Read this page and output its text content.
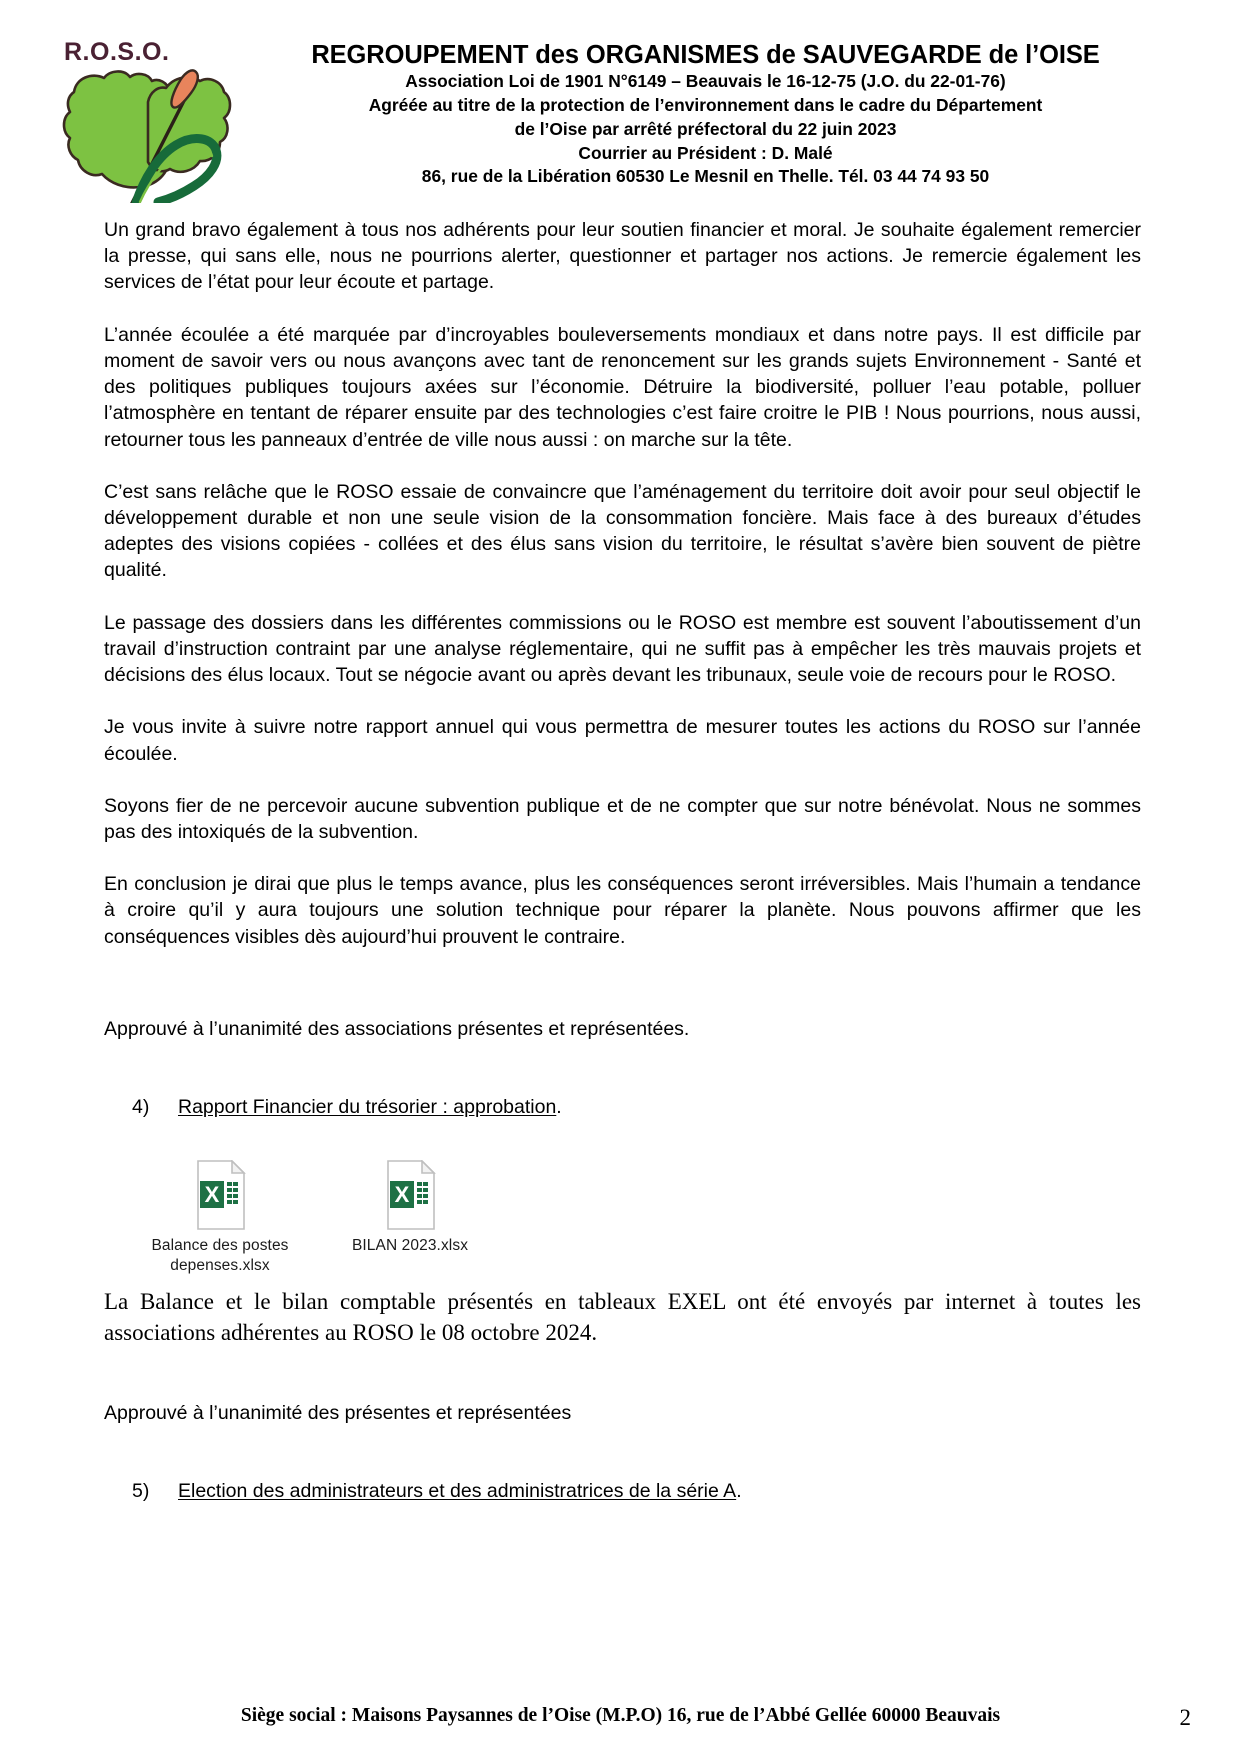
R.O.S.O.	REGROUPEMENT des ORGANISMES de SAUVEGARDE de l’OISE
Association Loi de 1901 N°6149 – Beauvais le 16-12-75 (J.O. du 22-01-76)
Agréée au titre de la protection de l’environnement dans le cadre du Département
de l’Oise par arrêté préfectoral du 22 juin 2023
Courrier au Président : D. Malé
86, rue de la Libération 60530 Le Mesnil en Thelle. Tél. 03 44 74 93 50

Un grand bravo également à tous nos adhérents pour leur soutien financier et moral. Je souhaite également remercier la presse, qui sans elle, nous ne pourrions alerter, questionner et partager nos actions. Je remercie également les services de l’état pour leur écoute et partage.

L’année écoulée a été marquée par d’incroyables bouleversements mondiaux et dans notre pays. Il est difficile par moment de savoir vers ou nous avançons avec tant de renoncement sur les grands sujets Environnement - Santé et des politiques publiques toujours axées sur l’économie. Détruire la biodiversité, polluer l’eau potable, polluer l’atmosphère en tentant de réparer ensuite par des technologies c’est faire croitre le PIB ! Nous pourrions, nous aussi, retourner tous les panneaux d’entrée de ville nous aussi : on marche sur la tête.

C’est sans relâche que le ROSO essaie de convaincre que l’aménagement du territoire doit avoir pour seul objectif le développement durable et non une seule vision de la consommation foncière. Mais face à des bureaux d’études adeptes des visions copiées - collées et des élus sans vision du territoire, le résultat s’avère bien souvent de piètre qualité.

Le passage des dossiers dans les différentes commissions ou le ROSO est membre est souvent l’aboutissement d’un travail d’instruction contraint par une analyse réglementaire, qui ne suffit pas à empêcher les très mauvais projets et décisions des élus locaux. Tout se négocie avant ou après devant les tribunaux, seule voie de recours pour le ROSO.

Je vous invite à suivre notre rapport annuel qui vous permettra de mesurer toutes les actions du ROSO sur l’année écoulée.

Soyons fier de ne percevoir aucune subvention publique et de ne compter que sur notre bénévolat. Nous ne sommes pas des intoxiqués de la subvention.

En conclusion je dirai que plus le temps avance, plus les conséquences seront irréversibles. Mais l’humain a tendance à croire qu’il y aura toujours une solution technique pour réparer la planète. Nous pouvons affirmer que les conséquences visibles dès aujourd’hui prouvent le contraire.

Approuvé à l’unanimité des associations présentes et représentées.

4) Rapport Financier du trésorier : approbation.
X
Balance des postes depenses.xlsx
X
BILAN 2023.xlsx

La Balance et le bilan comptable présentés en tableaux EXEL ont été envoyés par internet à toutes les associations adhérentes au ROSO le 08 octobre 2024.

Approuvé à l’unanimité des présentes et représentées

5) Election des administrateurs et des administratrices de la série A.
Siège social : Maisons Paysannes de l’Oise (M.P.O) 16, rue de l’Abbé Gellée 60000 Beauvais	2
